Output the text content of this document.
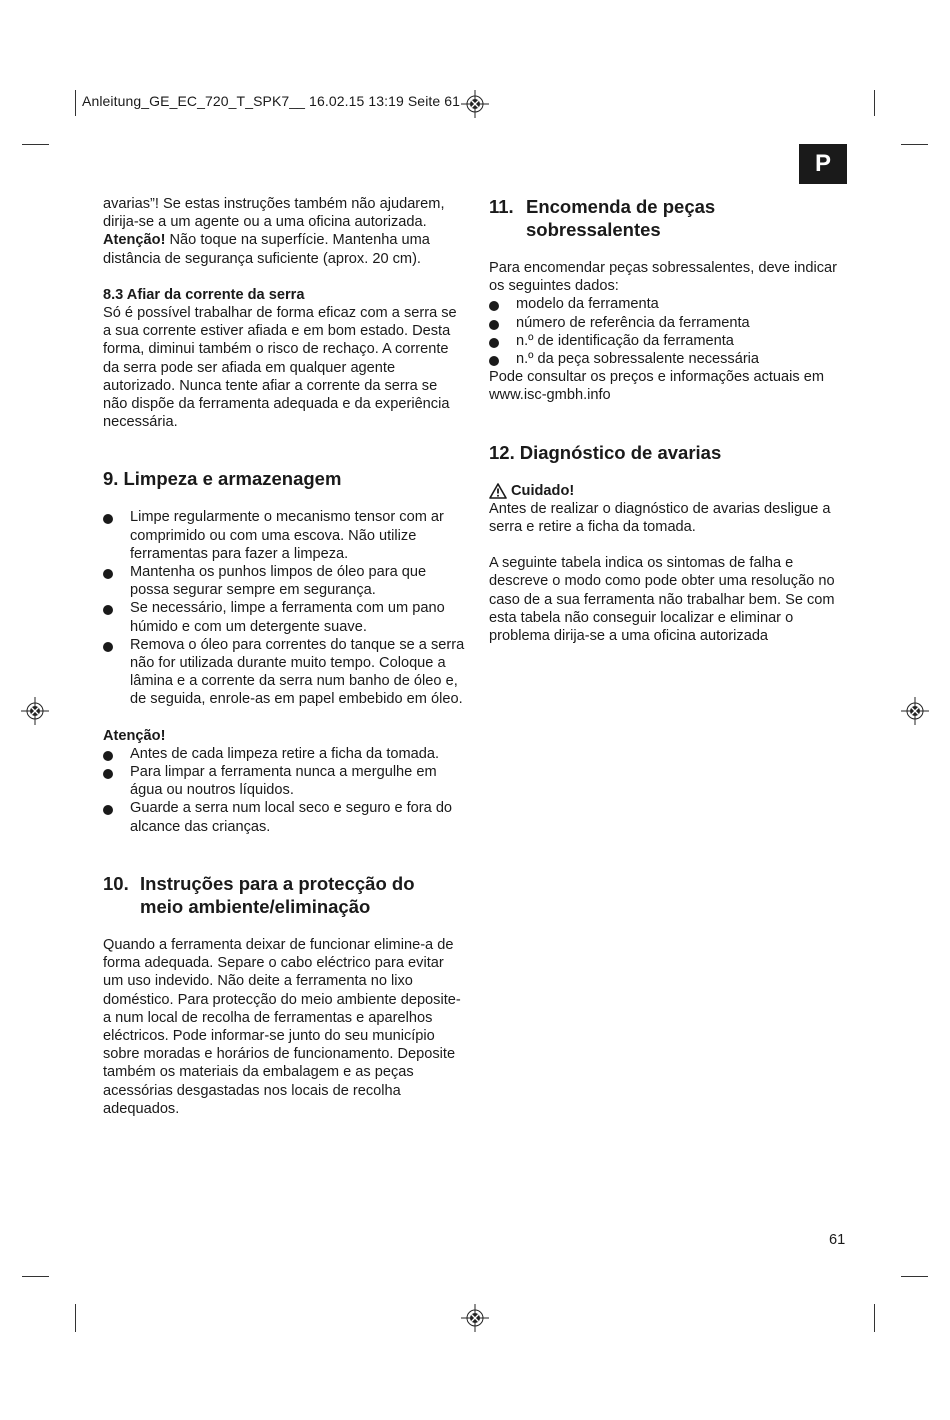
Anleitung_GE_EC_720_T_SPK7__ 16.02.15 13:19 Seite 61
P

avarias”! Se estas instruções também não ajudarem, dirija-se a um agente ou a uma oficina autorizada.

Atenção! Não toque na superfície. Mantenha uma distância de segurança suficiente (aprox. 20 cm).

8.3 Afiar da corrente da serra

Só é possível trabalhar de forma eficaz com a serra se a sua corrente estiver afiada e em bom estado. Desta forma, diminui também o risco de rechaço. A corrente da serra pode ser afiada em qualquer agente autorizado. Nunca tente afiar a corrente da serra se não dispõe da ferramenta adequada e da experiência necessária.

9. Limpeza e armazenagem
Limpe regularmente o mecanismo tensor com ar comprimido ou com uma escova. Não utilize ferramentas para fazer a limpeza.
Mantenha os punhos limpos de óleo para que possa segurar sempre em segurança.
Se necessário, limpe a ferramenta com um pano húmido e com um detergente suave.
Remova o óleo para correntes do tanque se a serra não for utilizada durante muito tempo. Coloque a lâmina e a corrente da serra num banho de óleo e, de seguida, enrole-as em papel embebido em óleo.

Atenção!

Antes de cada limpeza retire a ficha da tomada.
Para limpar a ferramenta nunca a mergulhe em água ou noutros líquidos.
Guarde a serra num local seco e seguro e fora do alcance das crianças.
10. Instruções para a protecção do meio ambiente/eliminação

Quando a ferramenta deixar de funcionar elimine-a de forma adequada. Separe o cabo eléctrico para evitar um uso indevido. Não deite a ferramenta no lixo doméstico. Para protecção do meio ambiente deposite-a num local de recolha de ferramentas e aparelhos eléctricos. Pode informar-se junto do seu município sobre moradas e horários de funcionamento. Deposite também os materiais da embalagem e as peças acessórias desgastadas nos locais de recolha adequados.

11. Encomenda de peças sobressalentes

Para encomendar peças sobressalentes, deve indicar os seguintes dados:

modelo da ferramenta
número de referência da ferramenta
n.º de identificação da ferramenta
n.º da peça sobressalente necessária

Pode consultar os preços e informações actuais em www.isc-gmbh.info

12. Diagnóstico de avarias
Cuidado!

Antes de realizar o diagnóstico de avarias desligue a serra e retire a ficha da tomada.

A seguinte tabela indica os sintomas de falha e descreve o modo como pode obter uma resolução no caso de a sua ferramenta não trabalhar bem. Se com esta tabela não conseguir localizar e eliminar o problema dirija-se a uma oficina autorizada

61
